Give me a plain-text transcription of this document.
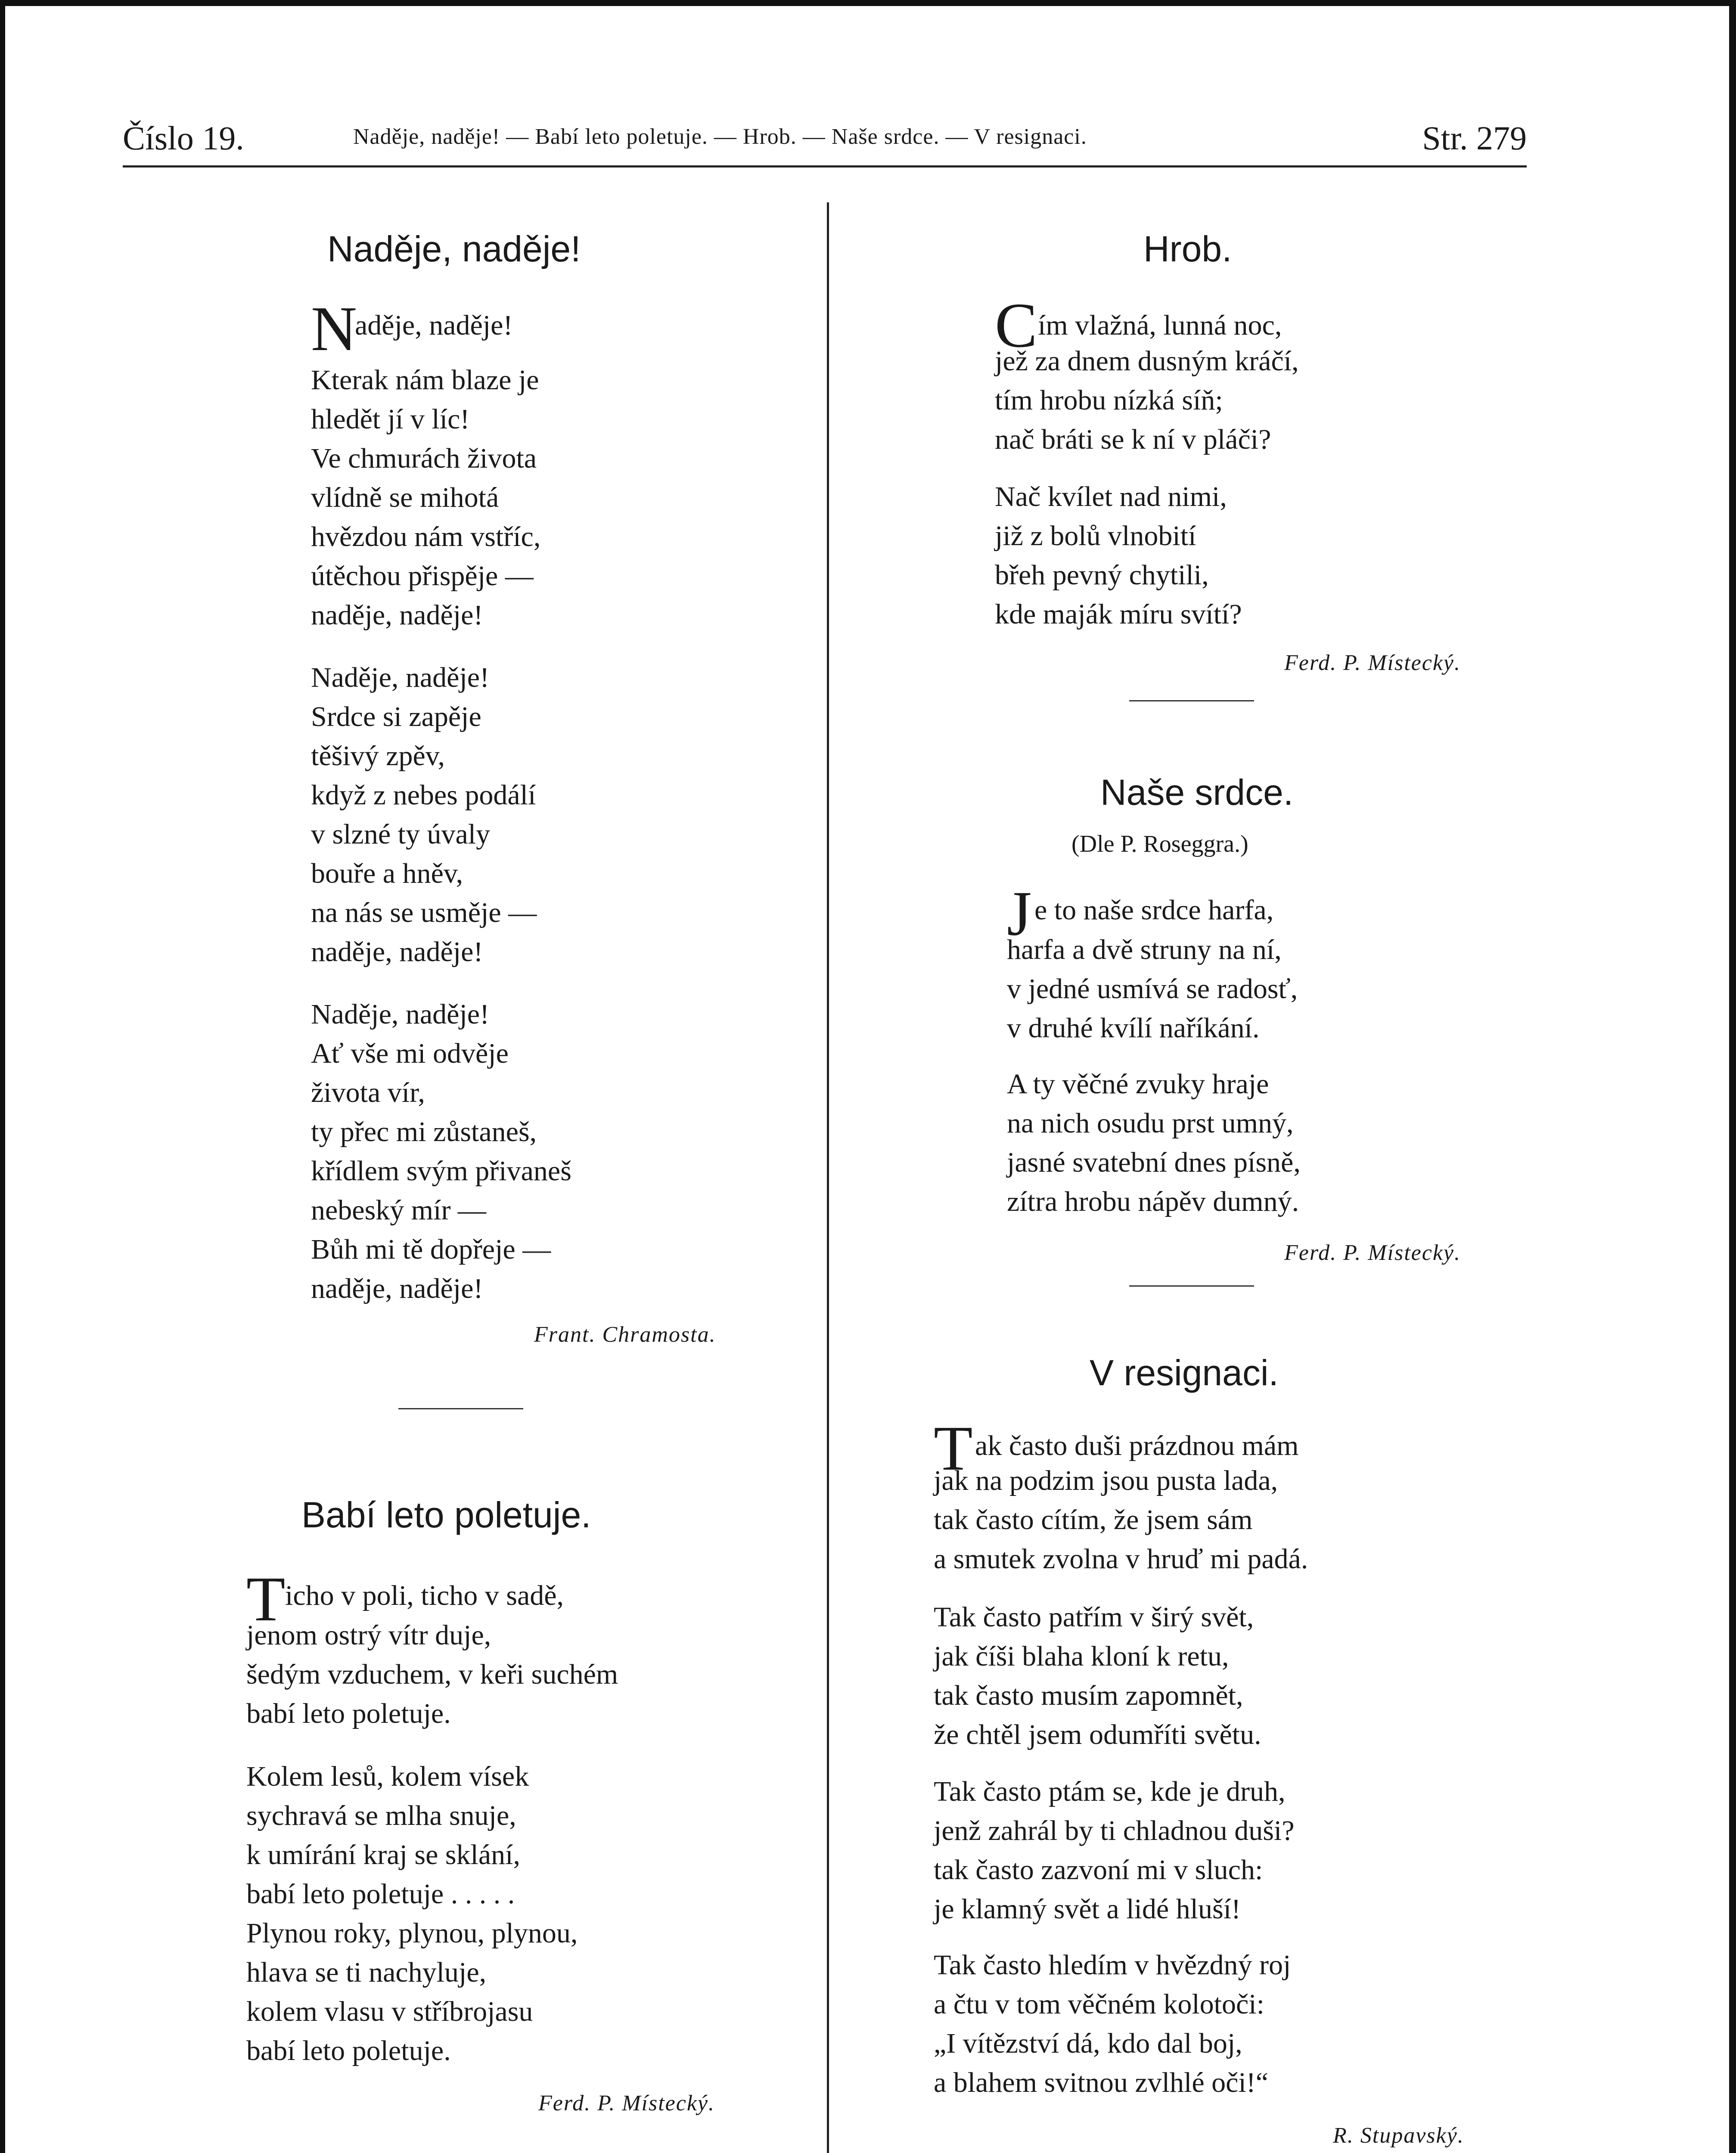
Číslo 19.	Naděje, naděje! — Babí leto poletuje. — Hrob. — Naše srdce. — V resignaci.	Str. 279
Naděje, naděje!
N
aděje, naděje!
Kterak nám blaze je
hledět jí v líc!
Ve chmurách života
vlídně se mihotá
hvězdou nám vstříc,
útěchou přispěje —
naděje, naděje!
Naděje, naděje!
Srdce si zapěje
těšivý zpěv,
když z nebes podálí
v slzné ty úvaly
bouře a hněv,
na nás se usměje —
naděje, naděje!
Naděje, naděje!
Ať vše mi odvěje
života vír,
ty přec mi zůstaneš,
křídlem svým přivaneš
nebeský mír —
Bůh mi tě dopřeje —
naděje, naděje!
Frant. Chramosta.
Babí leto poletuje.
T icho v poli, ticho v sadě,
jenom ostrý vítr duje,
šedým vzduchem, v keři suchém
babí leto poletuje.
Kolem lesů, kolem vísek
sychravá se mlha snuje,
k umírání kraj se sklání,
babí leto poletuje . . . . .
Plynou roky, plynou, plynou,
hlava se ti nachyluje,
kolem vlasu v stříbrojasu
babí leto poletuje.
Ferd. P. Místecký.
Hrob.
C ím vlažná, lunná noc,
jež za dnem dusným kráčí,
tím hrobu nízká síň;
nač bráti se k ní v pláči?
Nač kvílet nad nimi,
již z bolů vlnobití
břeh pevný chytili,
kde maják míru svítí?
Ferd. P. Místecký.
Naše srdce.
(Dle P. Roseggra.)
J e to naše srdce harfa,
harfa a dvě struny na ní,
v jedné usmívá se radosť,
v druhé kvílí naříkání.
A ty věčné zvuky hraje
na nich osudu prst umný,
jasné svatební dnes písně,
zítra hrobu nápěv dumný.
Ferd. P. Místecký.
V resignaci.
T ak často duši prázdnou mám
jak na podzim jsou pusta lada,
tak často cítím, že jsem sám
a smutek zvolna v hruď mi padá.
Tak často patřím v širý svět,
jak číši blaha kloní k retu,
tak často musím zapomnět,
že chtěl jsem odumříti světu.
Tak často ptám se, kde je druh,
jenž zahrál by ti chladnou duši?
tak často zazvoní mi v sluch:
je klamný svět a lidé hluší!
Tak často hledím v hvězdný roj
a čtu v tom věčném kolotoči:
„I vítězství dá, kdo dal boj,
a blahem svitnou zvlhlé oči!“
R. Stupavský.
